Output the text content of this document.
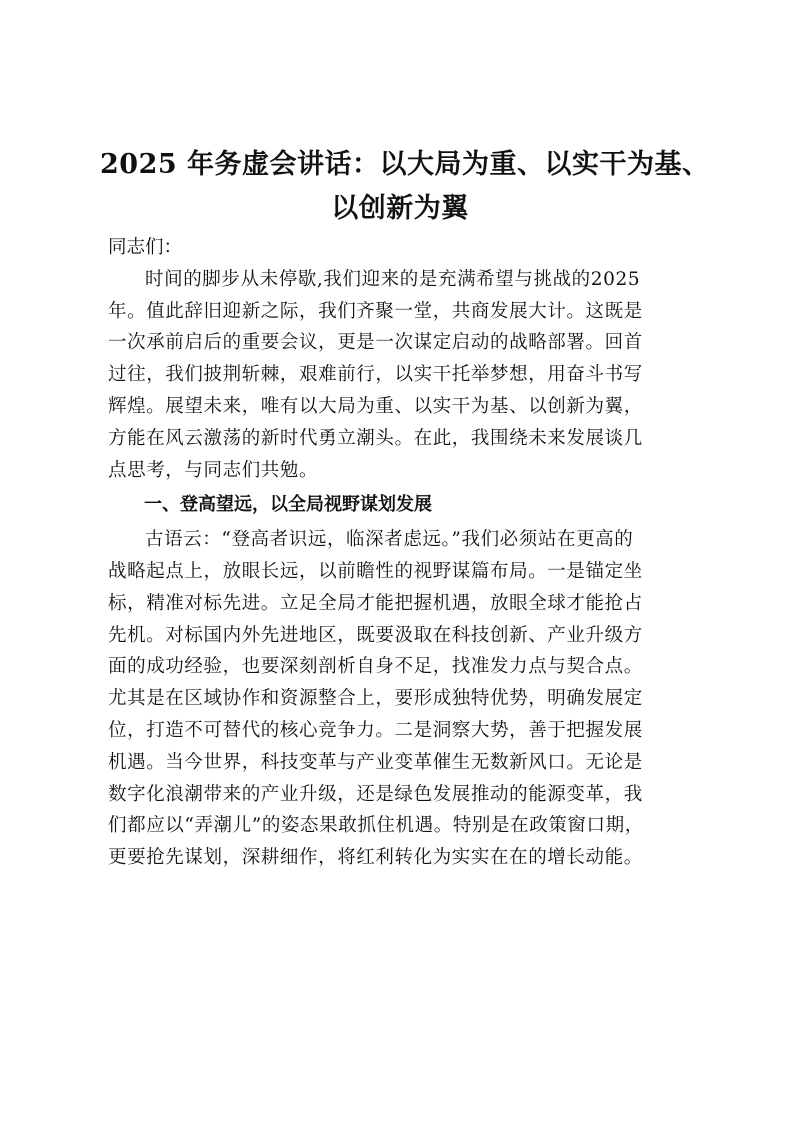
2025 年务虚会讲话：以大局为重、以实干为基、
以创新为翼

同志们：

时间的脚步从未停歇,我们迎来的是充满希望与挑战的2025
年。值此辞旧迎新之际，我们齐聚一堂，共商发展大计。这既是
一次承前启后的重要会议，更是一次谋定启动的战略部署。回首
过往，我们披荆斩棘，艰难前行，以实干托举梦想，用奋斗书写
辉煌。展望未来，唯有以大局为重、以实干为基、以创新为翼，
方能在风云激荡的新时代勇立潮头。在此，我围绕未来发展谈几
点思考，与同志们共勉。

一、登高望远，以全局视野谋划发展

古语云：“登高者识远，临深者虑远。”我们必须站在更高的
战略起点上，放眼长远，以前瞻性的视野谋篇布局。一是锚定坐
标，精准对标先进。立足全局才能把握机遇，放眼全球才能抢占
先机。对标国内外先进地区，既要汲取在科技创新、产业升级方
面的成功经验，也要深刻剖析自身不足，找准发力点与契合点。
尤其是在区域协作和资源整合上，要形成独特优势，明确发展定
位，打造不可替代的核心竞争力。二是洞察大势，善于把握发展
机遇。当今世界，科技变革与产业变革催生无数新风口。无论是
数字化浪潮带来的产业升级，还是绿色发展推动的能源变革，我
们都应以“弄潮儿”的姿态果敢抓住机遇。特别是在政策窗口期，
更要抢先谋划，深耕细作，将红利转化为实实在在的增长动能。
